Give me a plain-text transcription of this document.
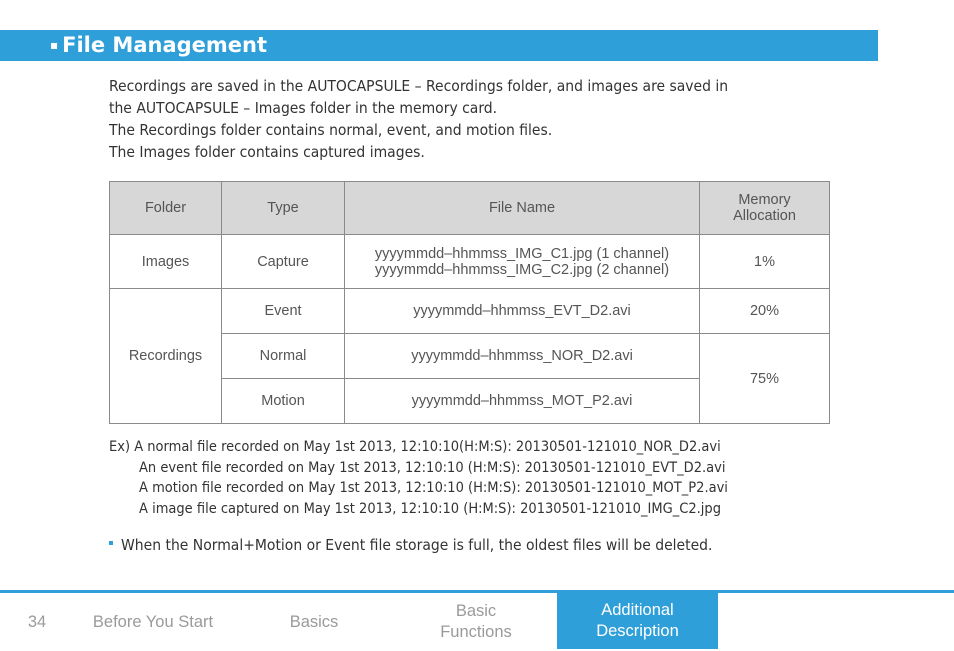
▪ File Management
Recordings are saved in the AUTOCAPSULE – Recordings folder, and images are saved in
the AUTOCAPSULE – Images folder in the memory card.
The Recordings folder contains normal, event, and motion files.
The Images folder contains captured images.
Folder	Type	File Name	Memory
Allocation

Images	Capture	yyyymmdd–hhmmss_IMG_C1.jpg (1 channel)
yyyymmdd–hhmmss_IMG_C2.jpg (2 channel)	1%
Recordings	Event	yyyymmdd–hhmmss_EVT_D2.avi	20%
	Normal	yyyymmdd–hhmmss_NOR_D2.avi	75%
	Motion	yyyymmdd–hhmmss_MOT_P2.avi	
Ex) A normal file recorded on May 1st 2013, 12:10:10(H:M:S): 20130501-121010_NOR_D2.avi
An event file recorded on May 1st 2013, 12:10:10 (H:M:S): 20130501-121010_EVT_D2.avi
A motion file recorded on May 1st 2013, 12:10:10 (H:M:S): 20130501-121010_MOT_P2.avi
A image file captured on May 1st 2013, 12:10:10 (H:M:S): 20130501-121010_IMG_C2.jpg
When the Normal+Motion or Event file storage is full, the oldest files will be deleted.
34	Before You Start	Basics
Basic
Functions
Additional
Description
